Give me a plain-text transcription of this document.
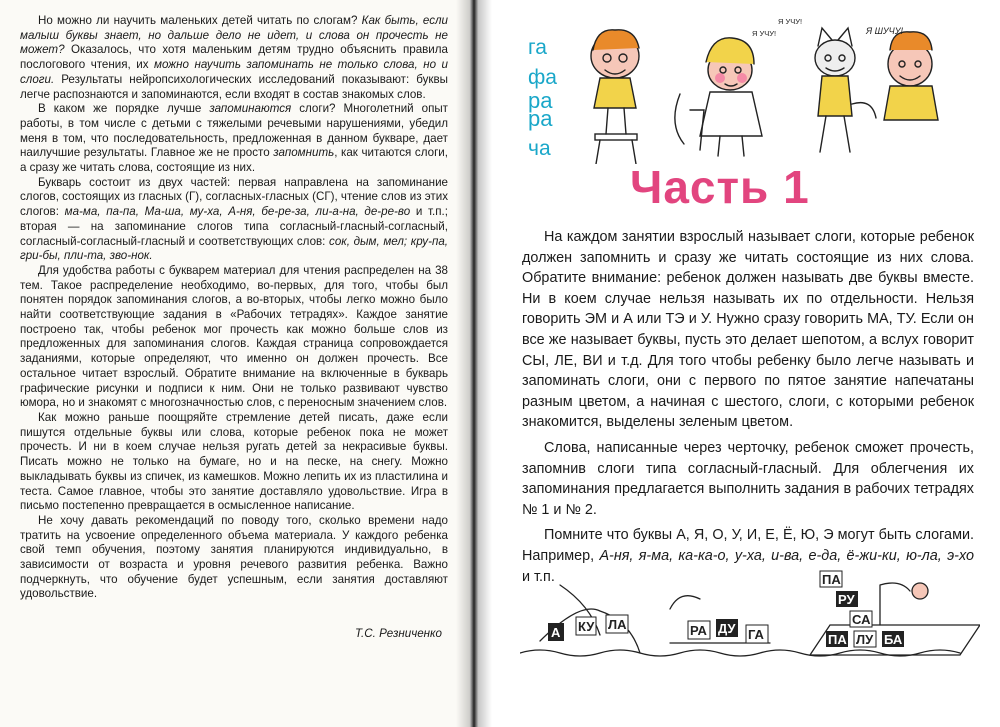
Но можно ли научить маленьких детей читать по слогам? Как быть, если малыш буквы знает, но дальше дело не идет, и слова он прочесть не может? Оказалось, что хотя маленьким детям трудно объяснить правила послогового чтения, их можно научить запоминать не только слова, но и слоги. Результаты нейропсихологических исследований показывают: буквы легче распознаются и запоминаются, если входят в состав знакомых слов.

В каком же порядке лучше запоминаются слоги? Многолетний опыт работы, в том числе с детьми с тяжелыми речевыми нарушениями, убедил меня в том, что последовательность, предложенная в данном букваре, дает наилучшие результаты. Главное же не просто запомнить, как читаются слоги, а сразу же читать слова, состоящие из них.

Букварь состоит из двух частей: первая направлена на запоминание слогов, состоящих из гласных (Г), согласных-гласных (СГ), чтение слов из этих слогов: ма-ма, па-па, Ма-ша, му-ха, А-ня, бе-ре-за, ли-а-на, де-ре-во и т.п.; вторая — на запоминание слогов типа согласный-гласный-согласный, согласный-согласный-гласный и соответствующих слов: сок, дым, мел; кру-па, гри-бы, пли-та, зво-нок.

Для удобства работы с букварем материал для чтения распределен на 38 тем. Такое распределение необходимо, во-первых, для того, чтобы был понятен порядок запоминания слогов, а во-вторых, чтобы легко можно было найти соответствующие задания в «Рабочих тетрадях». Каждое занятие построено так, чтобы ребенок мог прочесть как можно больше слов из предложенных для запоминания слогов. Каждая страница сопровождается заданиями, которые определяют, что именно он должен прочесть. Все остальное читает взрослый. Обратите внимание на включенные в букварь графические рисунки и подписи к ним. Они не только развивают чувство юмора, но и знакомят с многозначностью слов, с переносным значением слов.

Как можно раньше поощряйте стремление детей писать, даже если пишутся отдельные буквы или слова, которые ребенок пока не может прочесть. И ни в коем случае нельзя ругать детей за некрасивые буквы. Писать можно не только на бумаге, но и на песке, на снегу. Можно выкладывать буквы из спичек, из камешков. Можно лепить их из пластилина и теста. Самое главное, чтобы это занятие доставляло удовольствие. Игра в письмо постепенно превращается в осмысленное написание.

Не хочу давать рекомендаций по поводу того, сколько времени надо тратить на усвоение определенного объема материала. У каждого ребенка свой темп обучения, поэтому занятия планируются индивидуально, в зависимости от возраста и уровня речевого развития ребенка. Важно подчеркнуть, что обучение будет успешным, если занятия доставляют удовольствие.

Т.С. Резниченко
га
фа
ра
ра
ча
Я УЧУ!
Я УЧУ!
Я ШУЧУ!
Часть 1

На каждом занятии взрослый называет слоги, которые ребенок должен запомнить и сразу же читать состоящие из них слова. Обратите внимание: ребенок должен называть две буквы вместе. Ни в коем случае нельзя называть их по отдельности. Нельзя говорить ЭМ и А или ТЭ и У. Нужно сразу говорить МА, ТУ. Если он все же называет буквы, пусть это делает шепотом, а вслух говорит СЫ, ЛЕ, ВИ и т.д. Для того чтобы ребенку было легче называть и запоминать слоги, они с первого по пятое занятие напечатаны разным цветом, а начиная с шестого, слоги, с которыми ребенок знакомится, выделены зеленым цветом.

Слова, написанные через черточку, ребенок сможет прочесть, запомнив слоги типа согласный-гласный. Для облегчения их запоминания предлагается выполнить задания в рабочих тетрадях № 1 и № 2.

Помните что буквы А, Я, О, У, И, Е, Ё, Ю, Э могут быть слогами. Например, А-ня, я-ма, ка-ка-о, у-ха, и-ва, е-да, ё-жи-ки, ю-ла, э-хо и т.п.

А КУ ЛА	РА ДУ ГА
ПА
РУ
СА
ПА ЛУ БА
